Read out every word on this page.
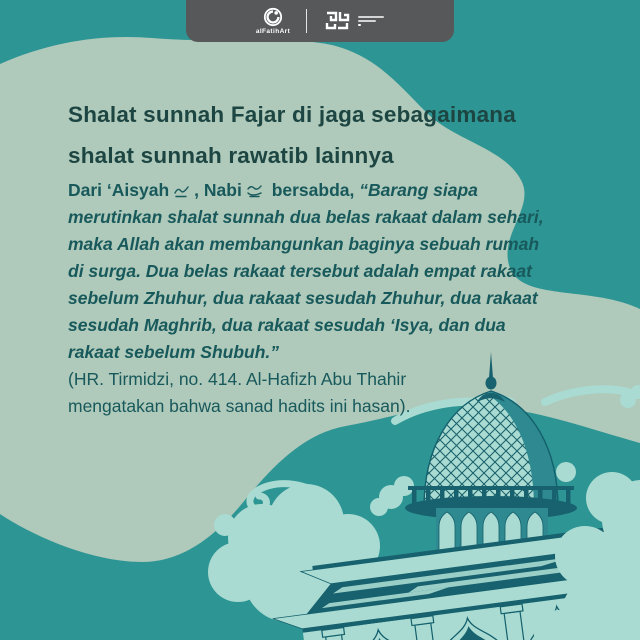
alFatihArt
Shalat sunnah Fajar di jaga sebagaimana
shalat sunnah rawatib lainnya
Dari ‘Aisyah , Nabi bersabda, “Barang siapa
merutinkan shalat sunnah dua belas rakaat dalam sehari,
maka Allah akan membangunkan baginya sebuah rumah
di surga. Dua belas rakaat tersebut adalah empat rakaat
sebelum Zhuhur, dua rakaat sesudah Zhuhur, dua rakaat
sesudah Maghrib, dua rakaat sesudah ‘Isya, dan dua
rakaat sebelum Shubuh.”
(HR. Tirmidzi, no. 414. Al-Hafizh Abu Thahir
mengatakan bahwa sanad hadits ini hasan).
